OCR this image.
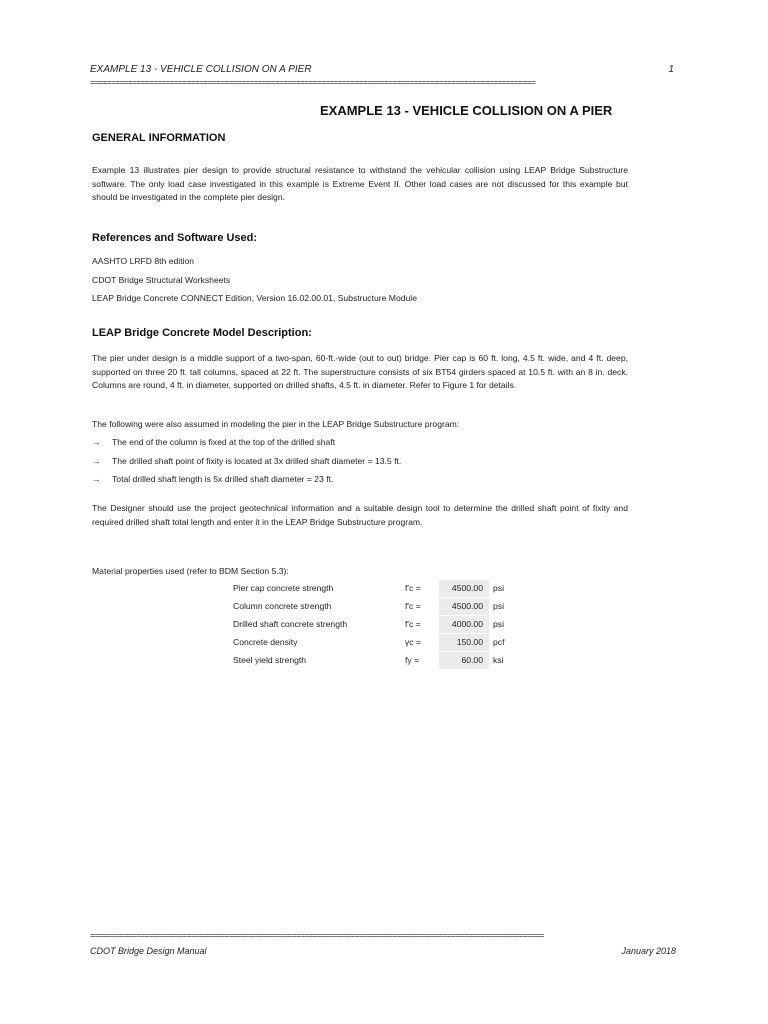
EXAMPLE 13 - VEHICLE COLLISION ON A PIER	1
==========================================================================================================
EXAMPLE 13 - VEHICLE COLLISION ON A PIER
GENERAL INFORMATION
Example 13 illustrates pier design to provide structural resistance to withstand the vehicular collision using LEAP Bridge Substructure software. The only load case investigated in this example is Extreme Event II. Other load cases are not discussed for this example but should be investigated in the complete pier design.
References and Software Used:
AASHTO LRFD 8th edition
CDOT Bridge Structural Worksheets
LEAP Bridge Concrete CONNECT Edition, Version 16.02.00.01, Substructure Module
LEAP Bridge Concrete Model Description:
The pier under design is a middle support of a two-span, 60-ft.-wide (out to out) bridge. Pier cap is 60 ft. long, 4.5 ft. wide, and 4 ft. deep, supported on three 20 ft. tall columns, spaced at 22 ft. The superstructure consists of six BT54 girders spaced at 10.5 ft. with an 8 in. deck. Columns are round, 4 ft. in diameter, supported on drilled shafts, 4.5 ft. in diameter. Refer to Figure 1 for details.
The following were also assumed in modeling the pier in the LEAP Bridge Substructure program:
→ The end of the column is fixed at the top of the drilled shaft
→ The drilled shaft point of fixity is located at 3x drilled shaft diameter = 13.5 ft.
→ Total drilled shaft length is 5x drilled shaft diameter = 23 ft.
The Designer should use the project geotechnical information and a suitable design tool to determine the drilled shaft point of fixity and required drilled shaft total length and enter it in the LEAP Bridge Substructure program.
Material properties used (refer to BDM Section 5.3):
Pier cap concrete strength	f'c =	4500.00	psi
Column concrete strength	f'c =	4500.00	psi
Drilled shaft concrete strength	f'c =	4000.00	psi
Concrete density	γc =	150.00	pcf
Steel yield strength	fy =	60.00	ksi
============================================================================================================
CDOT Bridge Design Manual	January 2018
